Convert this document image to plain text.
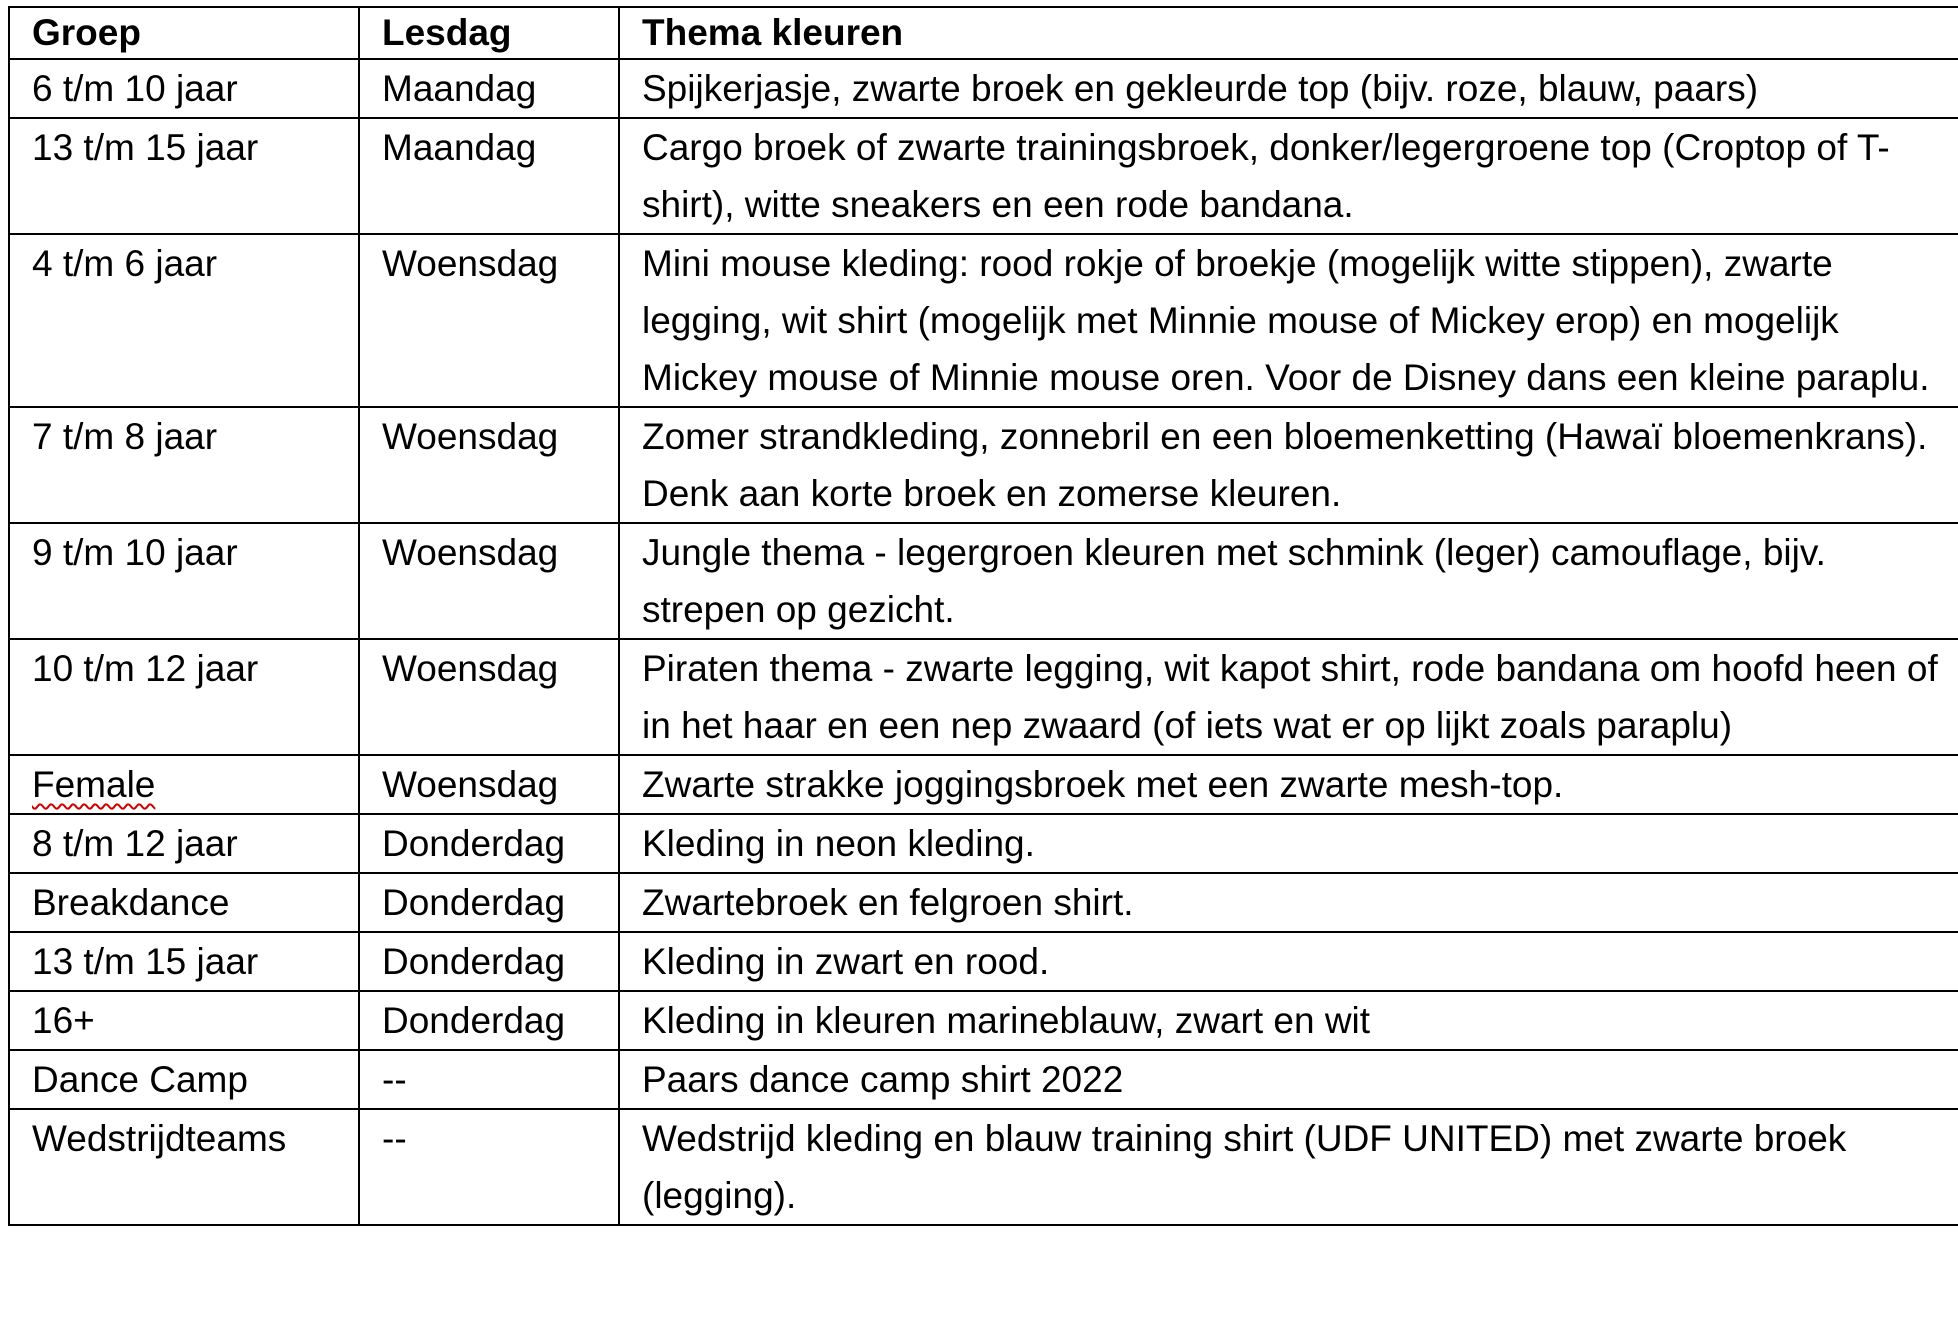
Groep	Lesdag	Thema kleuren
6 t/m 10 jaar	Maandag	Spijkerjasje, zwarte broek en gekleurde top (bijv. roze, blauw, paars)
13 t/m 15 jaar	Maandag	Cargo broek of zwarte trainingsbroek, donker/legergroene top (Croptop of T-shirt), witte sneakers en een rode bandana.
4 t/m 6 jaar	Woensdag	Mini mouse kleding: rood rokje of broekje (mogelijk witte stippen), zwarte legging, wit shirt (mogelijk met Minnie mouse of Mickey erop) en mogelijk Mickey mouse of Minnie mouse oren. Voor de Disney dans een kleine paraplu.
7 t/m 8 jaar	Woensdag	Zomer strandkleding, zonnebril en een bloemenketting (Hawaï bloemenkrans). Denk aan korte broek en zomerse kleuren.
9 t/m 10 jaar	Woensdag	Jungle thema - legergroen kleuren met schmink (leger) camouflage, bijv. strepen op gezicht.
10 t/m 12 jaar	Woensdag	Piraten thema - zwarte legging, wit kapot shirt, rode bandana om hoofd heen of in het haar en een nep zwaard (of iets wat er op lijkt zoals paraplu)
Female	Woensdag	Zwarte strakke joggingsbroek met een zwarte mesh-top.
8 t/m 12 jaar	Donderdag	Kleding in neon kleding.
Breakdance	Donderdag	Zwartebroek en felgroen shirt.
13 t/m 15 jaar	Donderdag	Kleding in zwart en rood.
16+	Donderdag	Kleding in kleuren marineblauw, zwart en wit
Dance Camp	--	Paars dance camp shirt 2022
Wedstrijdteams	--	Wedstrijd kleding en blauw training shirt (UDF UNITED) met zwarte broek (legging).
